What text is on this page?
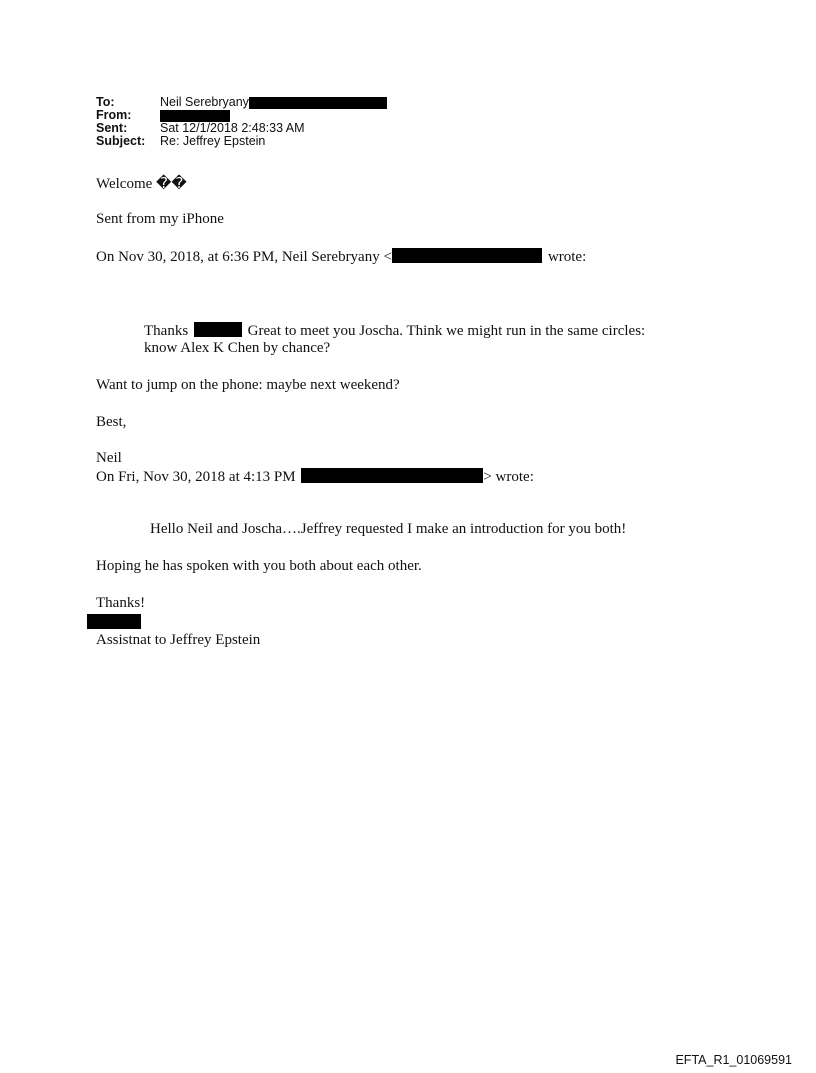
To:	Neil Serebryany
From:
Sent:	Sat 12/1/2018 2:48:33 AM
Subject:	Re: Jeffrey Epstein
Welcome ��
Sent from my iPhone
On Nov 30, 2018, at 6:36 PM, Neil Serebryany <	wrote:
Thanks	Great to meet you Joscha. Think we might run in the same circles:
know Alex K Chen by chance?
Want to jump on the phone: maybe next weekend?
Best,
Neil
On Fri, Nov 30, 2018 at 4:13 PM	> wrote:
Hello Neil and Joscha….Jeffrey requested I make an introduction for you both!
Hoping he has spoken with you both about each other.
Thanks!
Assistnat to Jeffrey Epstein
EFTA_R1_01069591
